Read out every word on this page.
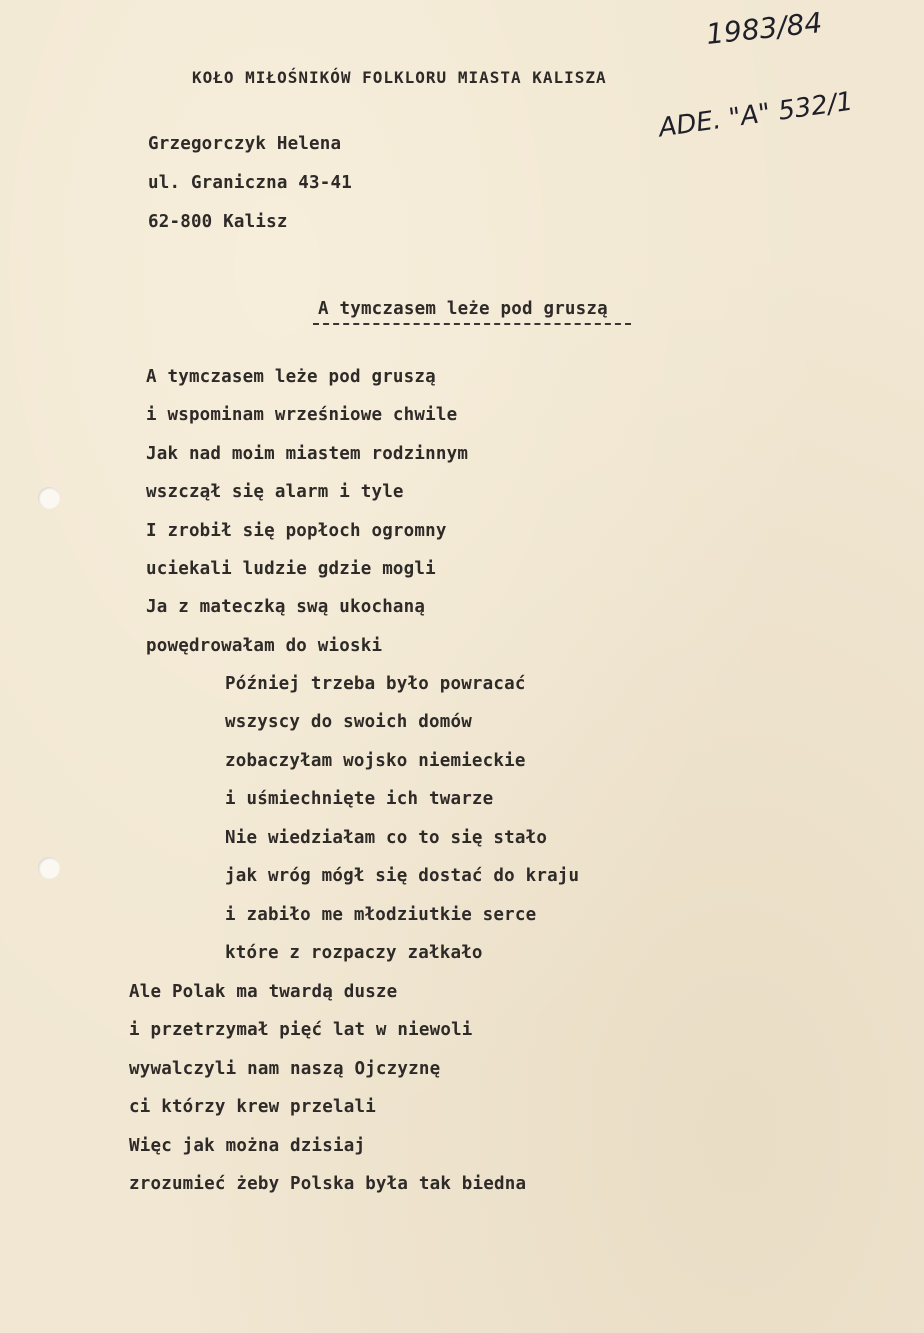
1983/84
ADE. "A" 532/1
KOŁO MIŁOŚNIKÓW FOLKLORU MIASTA KALISZA
Grzegorczyk Helena
ul. Graniczna 43-41
62-800 Kalisz
A tymczasem leże pod gruszą
A tymczasem leże pod gruszą
i wspominam wrześniowe chwile
Jak nad moim miastem rodzinnym
wszczął się alarm i tyle
I zrobił się popłoch ogromny
uciekali ludzie gdzie mogli
Ja z mateczką swą ukochaną
powędrowałam do wioski
Później trzeba było powracać
wszyscy do swoich domów
zobaczyłam wojsko niemieckie
i uśmiechnięte ich twarze
Nie wiedziałam co to się stało
jak wróg mógł się dostać do kraju
i zabiło me młodziutkie serce
które z rozpaczy załkało
Ale Polak ma twardą dusze
i przetrzymał pięć lat w niewoli
wywalczyli nam naszą Ojczyznę
ci którzy krew przelali
Więc jak można dzisiaj
zrozumieć żeby Polska była tak biedna
